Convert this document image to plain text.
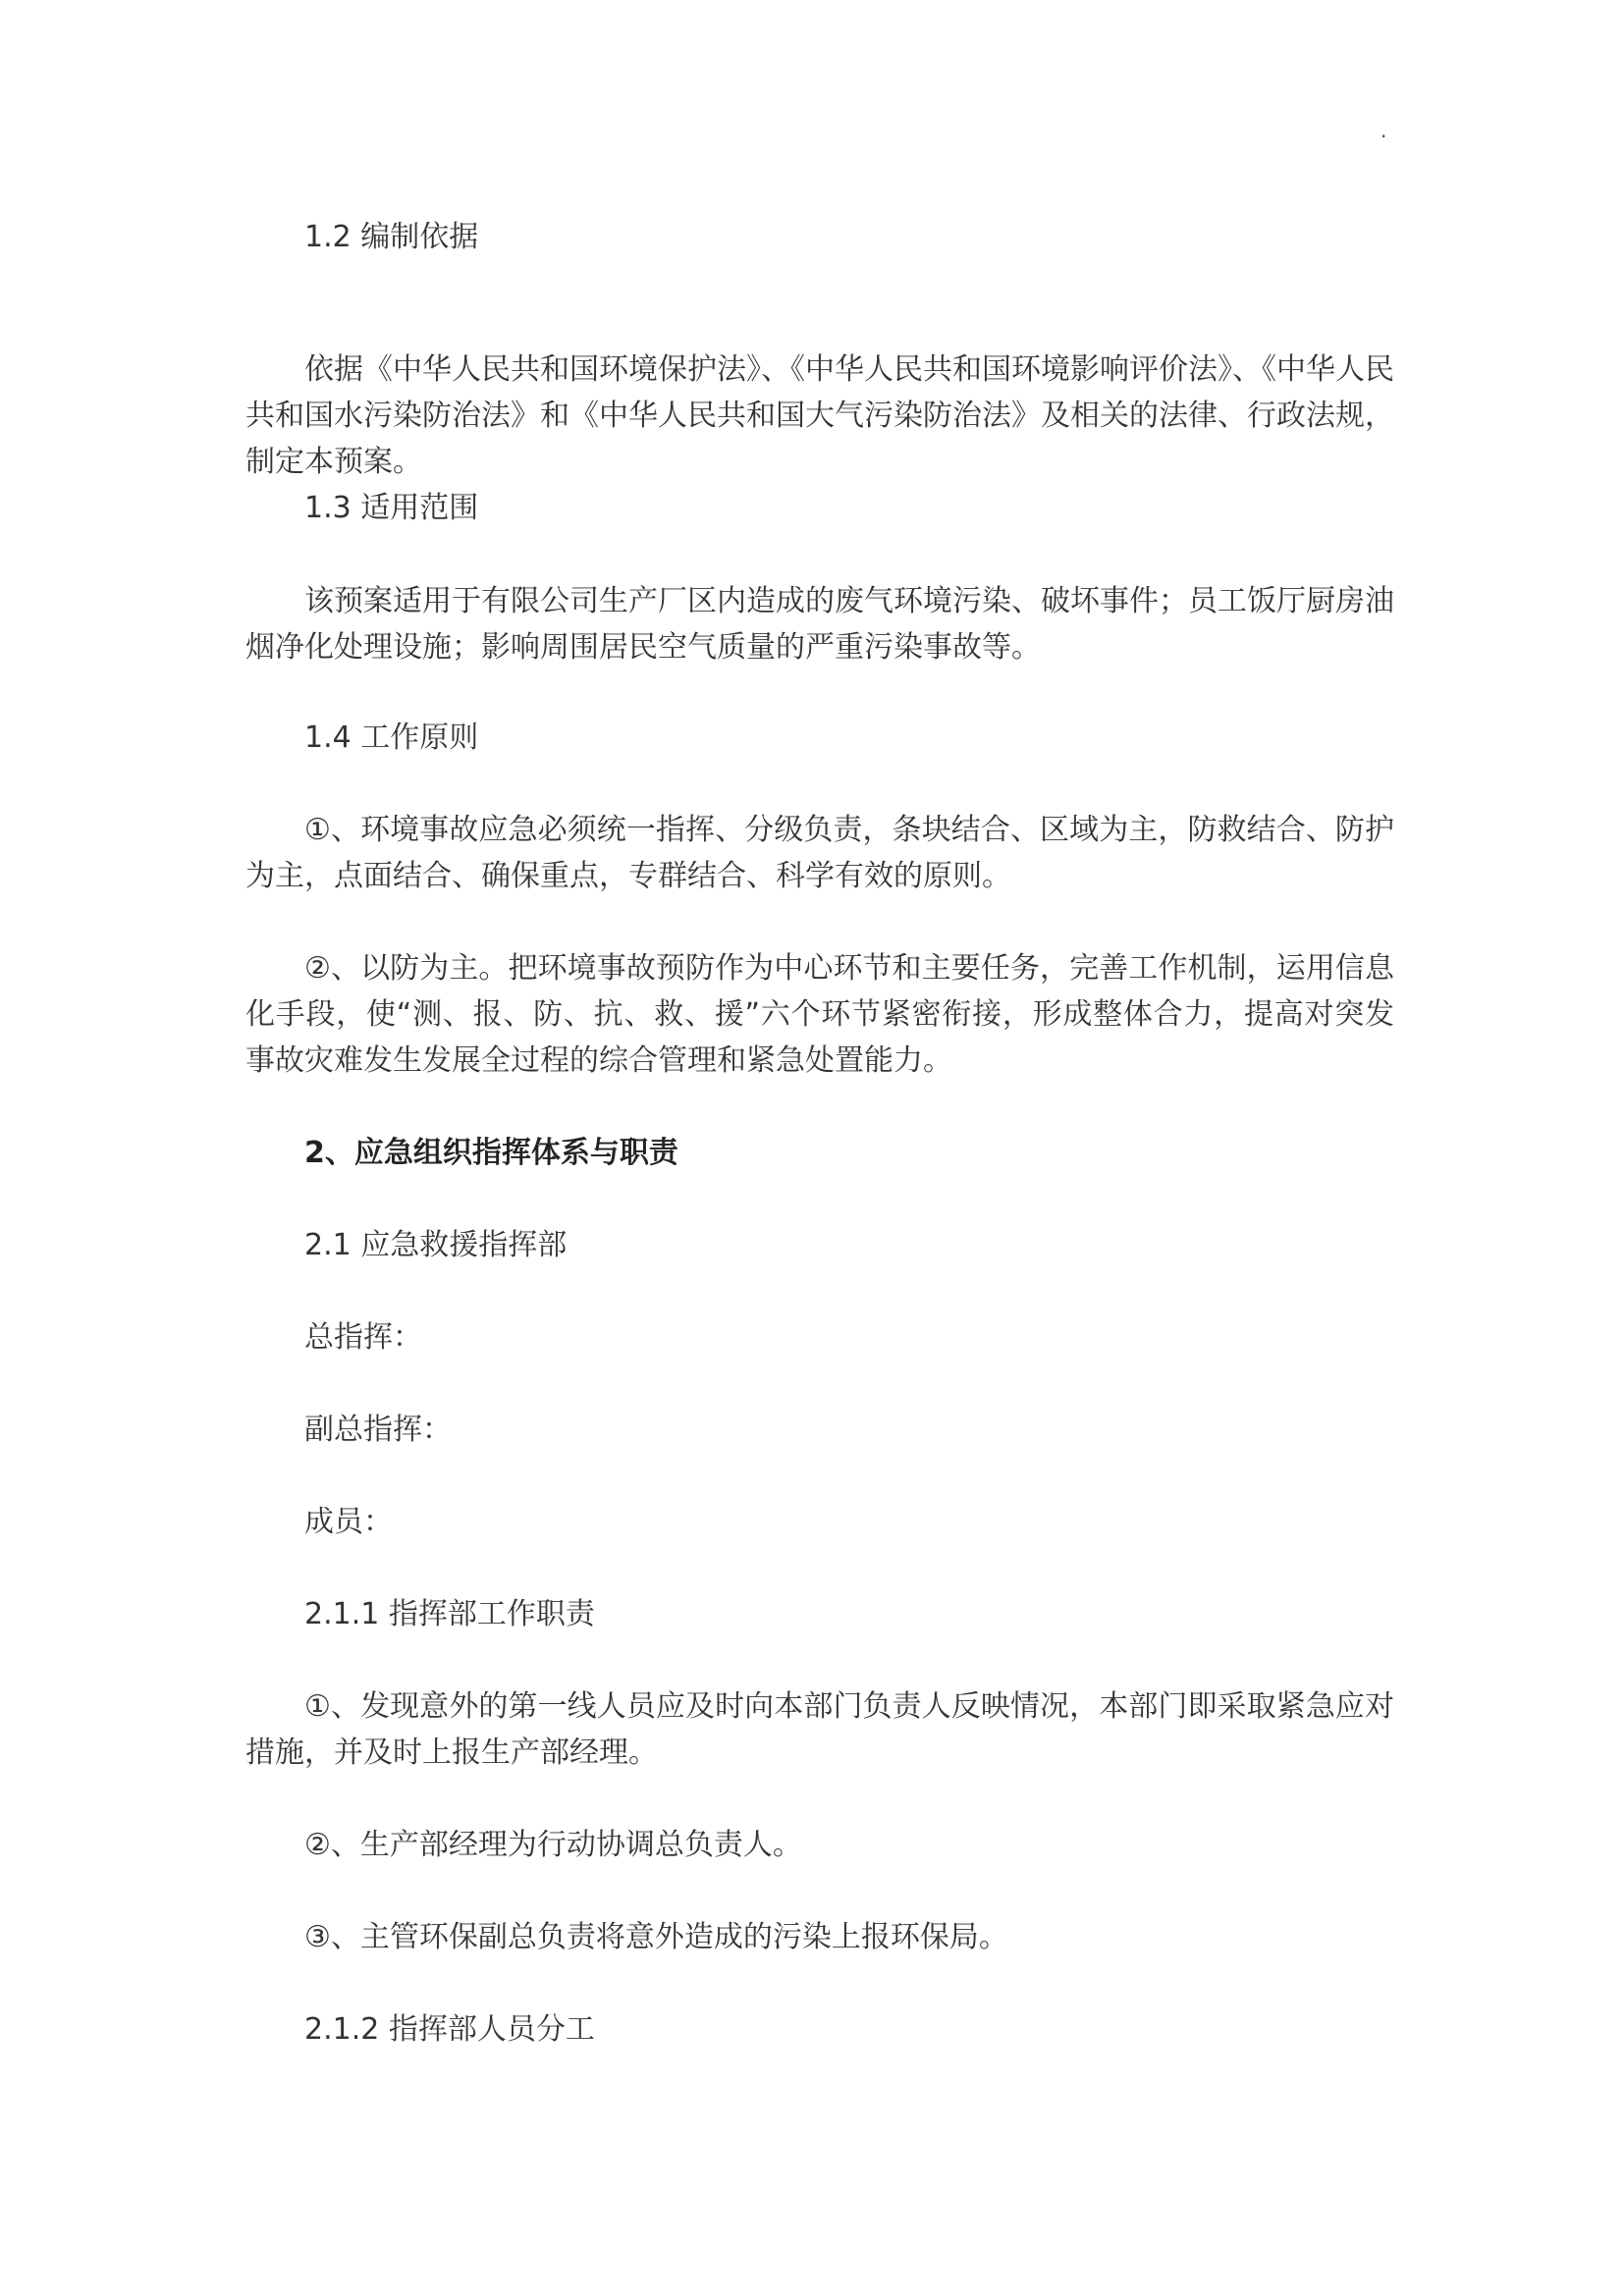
.

1.2 编制依据

依据《中华人民共和国环境保护法》、《中华人民共和国环境影响评价法》、《中华人民共和国水污染防治法》和《中华人民共和国大气污染防治法》及相关的法律、行政法规，制定本预案。

1.3 适用范围

该预案适用于有限公司生产厂区内造成的废气环境污染、破坏事件；员工饭厅厨房油烟净化处理设施；影响周围居民空气质量的严重污染事故等。

1.4 工作原则

①、环境事故应急必须统一指挥、分级负责，条块结合、区域为主，防救结合、防护为主，点面结合、确保重点，专群结合、科学有效的原则。

②、以防为主。把环境事故预防作为中心环节和主要任务，完善工作机制，运用信息化手段，使“测、报、防、抗、救、援”六个环节紧密衔接，形成整体合力，提高对突发事故灾难发生发展全过程的综合管理和紧急处置能力。

2、应急组织指挥体系与职责

2.1 应急救援指挥部

总指挥：

副总指挥：

成员：

2.1.1 指挥部工作职责

①、发现意外的第一线人员应及时向本部门负责人反映情况，本部门即采取紧急应对措施，并及时上报生产部经理。

②、生产部经理为行动协调总负责人。

③、主管环保副总负责将意外造成的污染上报环保局。

2.1.2 指挥部人员分工
